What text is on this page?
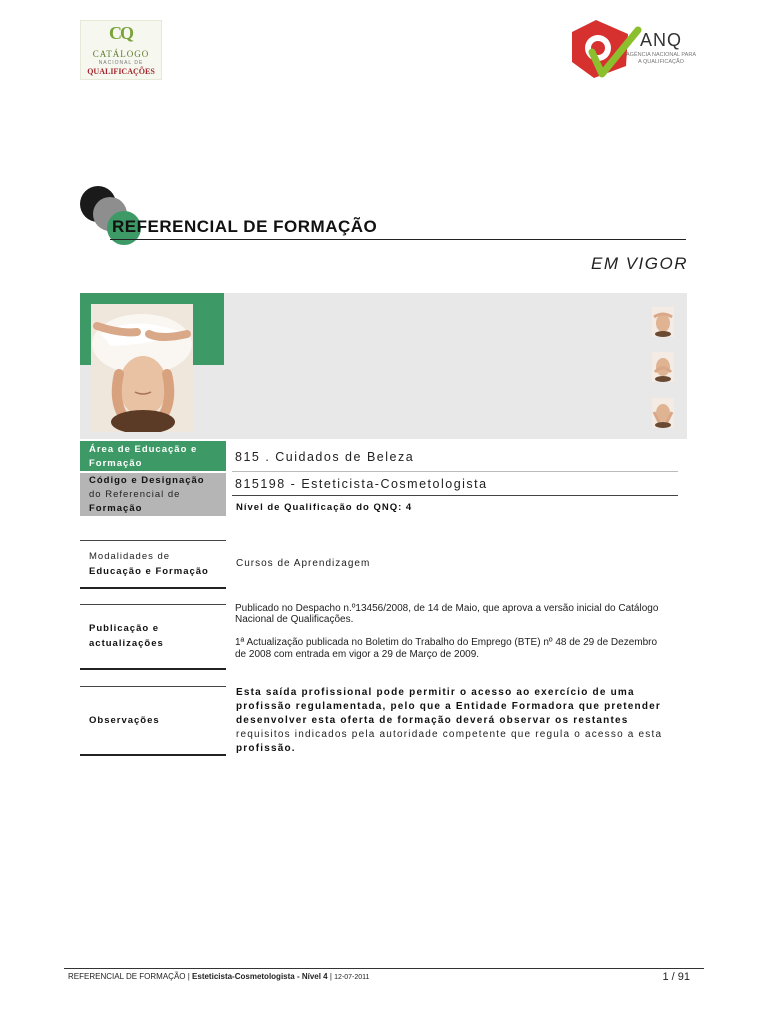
CQ
CATÁLOGO
NACIONAL DE
QUALIFICAÇÕES
ANQ
AGÊNCIA NACIONAL PARA A QUALIFICAÇÃO
REFERENCIAL DE FORMAÇÃO
EM VIGOR
Área de Educação e
Formação	815 . Cuidados de Beleza
Código e Designação
do Referencial de
Formação
815198 - Esteticista-Cosmetologista
Nível de Qualificação do QNQ: 4
Modalidades de
Educação e Formação
Cursos de Aprendizagem
Publicação e
actualizações
Publicado no Despacho n.º13456/2008, de 14 de Maio, que aprova a versão inicial do Catálogo
Nacional de Qualificações.
1ª Actualização publicada no Boletim do Trabalho do Emprego (BTE) nº 48 de 29 de Dezembro
de 2008 com entrada em vigor a 29 de Março de 2009.
Observações
Esta saída profissional pode permitir o acesso ao exercício de uma
profissão regulamentada, pelo que a Entidade Formadora que pretender
desenvolver esta oferta de formação deverá observar os restantes
requisitos indicados pela autoridade competente que regula o acesso a esta
profissão.
REFERENCIAL DE FORMAÇÃO | Esteticista-Cosmetologista - Nível 4 | 12-07-2011	1 / 91
